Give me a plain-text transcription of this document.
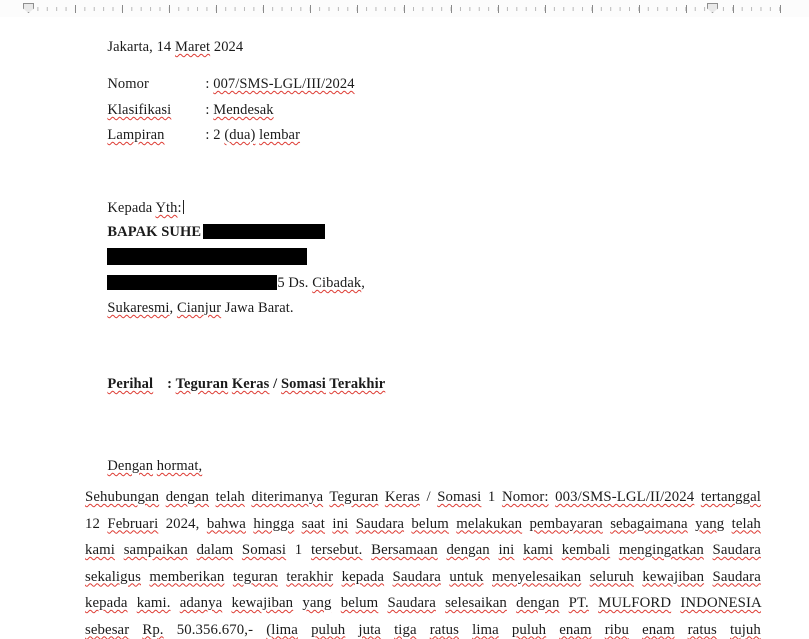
Jakarta, 14 Maret 2024

Nomor	: 007/SMS-LGL/III/2024

Klasifikasi : Mendesak

Lampiran	: 2 (dua) lembar

Kepada Yth:

BAPAK SUHE

5 Ds. Cibadak,

Sukaresmi, Cianjur Jawa Barat.

Perihal : Teguran Keras / Somasi Terakhir

Dengan hormat,

Sehubungan dengan telah diterimanya Teguran Keras / Somasi 1 Nomor: 003/SMS-LGL/II/2024 tertanggal 12 Februari 2024, bahwa hingga saat ini Saudara belum melakukan pembayaran sebagaimana yang telah kami sampaikan dalam Somasi 1 tersebut. Bersamaan dengan ini kami kembali mengingatkan Saudara sekaligus memberikan teguran terakhir kepada Saudara untuk menyelesaikan seluruh kewajiban Saudara kepada kami. adanya kewajiban yang belum Saudara selesaikan dengan PT. MULFORD INDONESIA sebesar Rp. 50.356.670,- (lima puluh juta tiga ratus lima puluh enam ribu enam ratus tujuh
